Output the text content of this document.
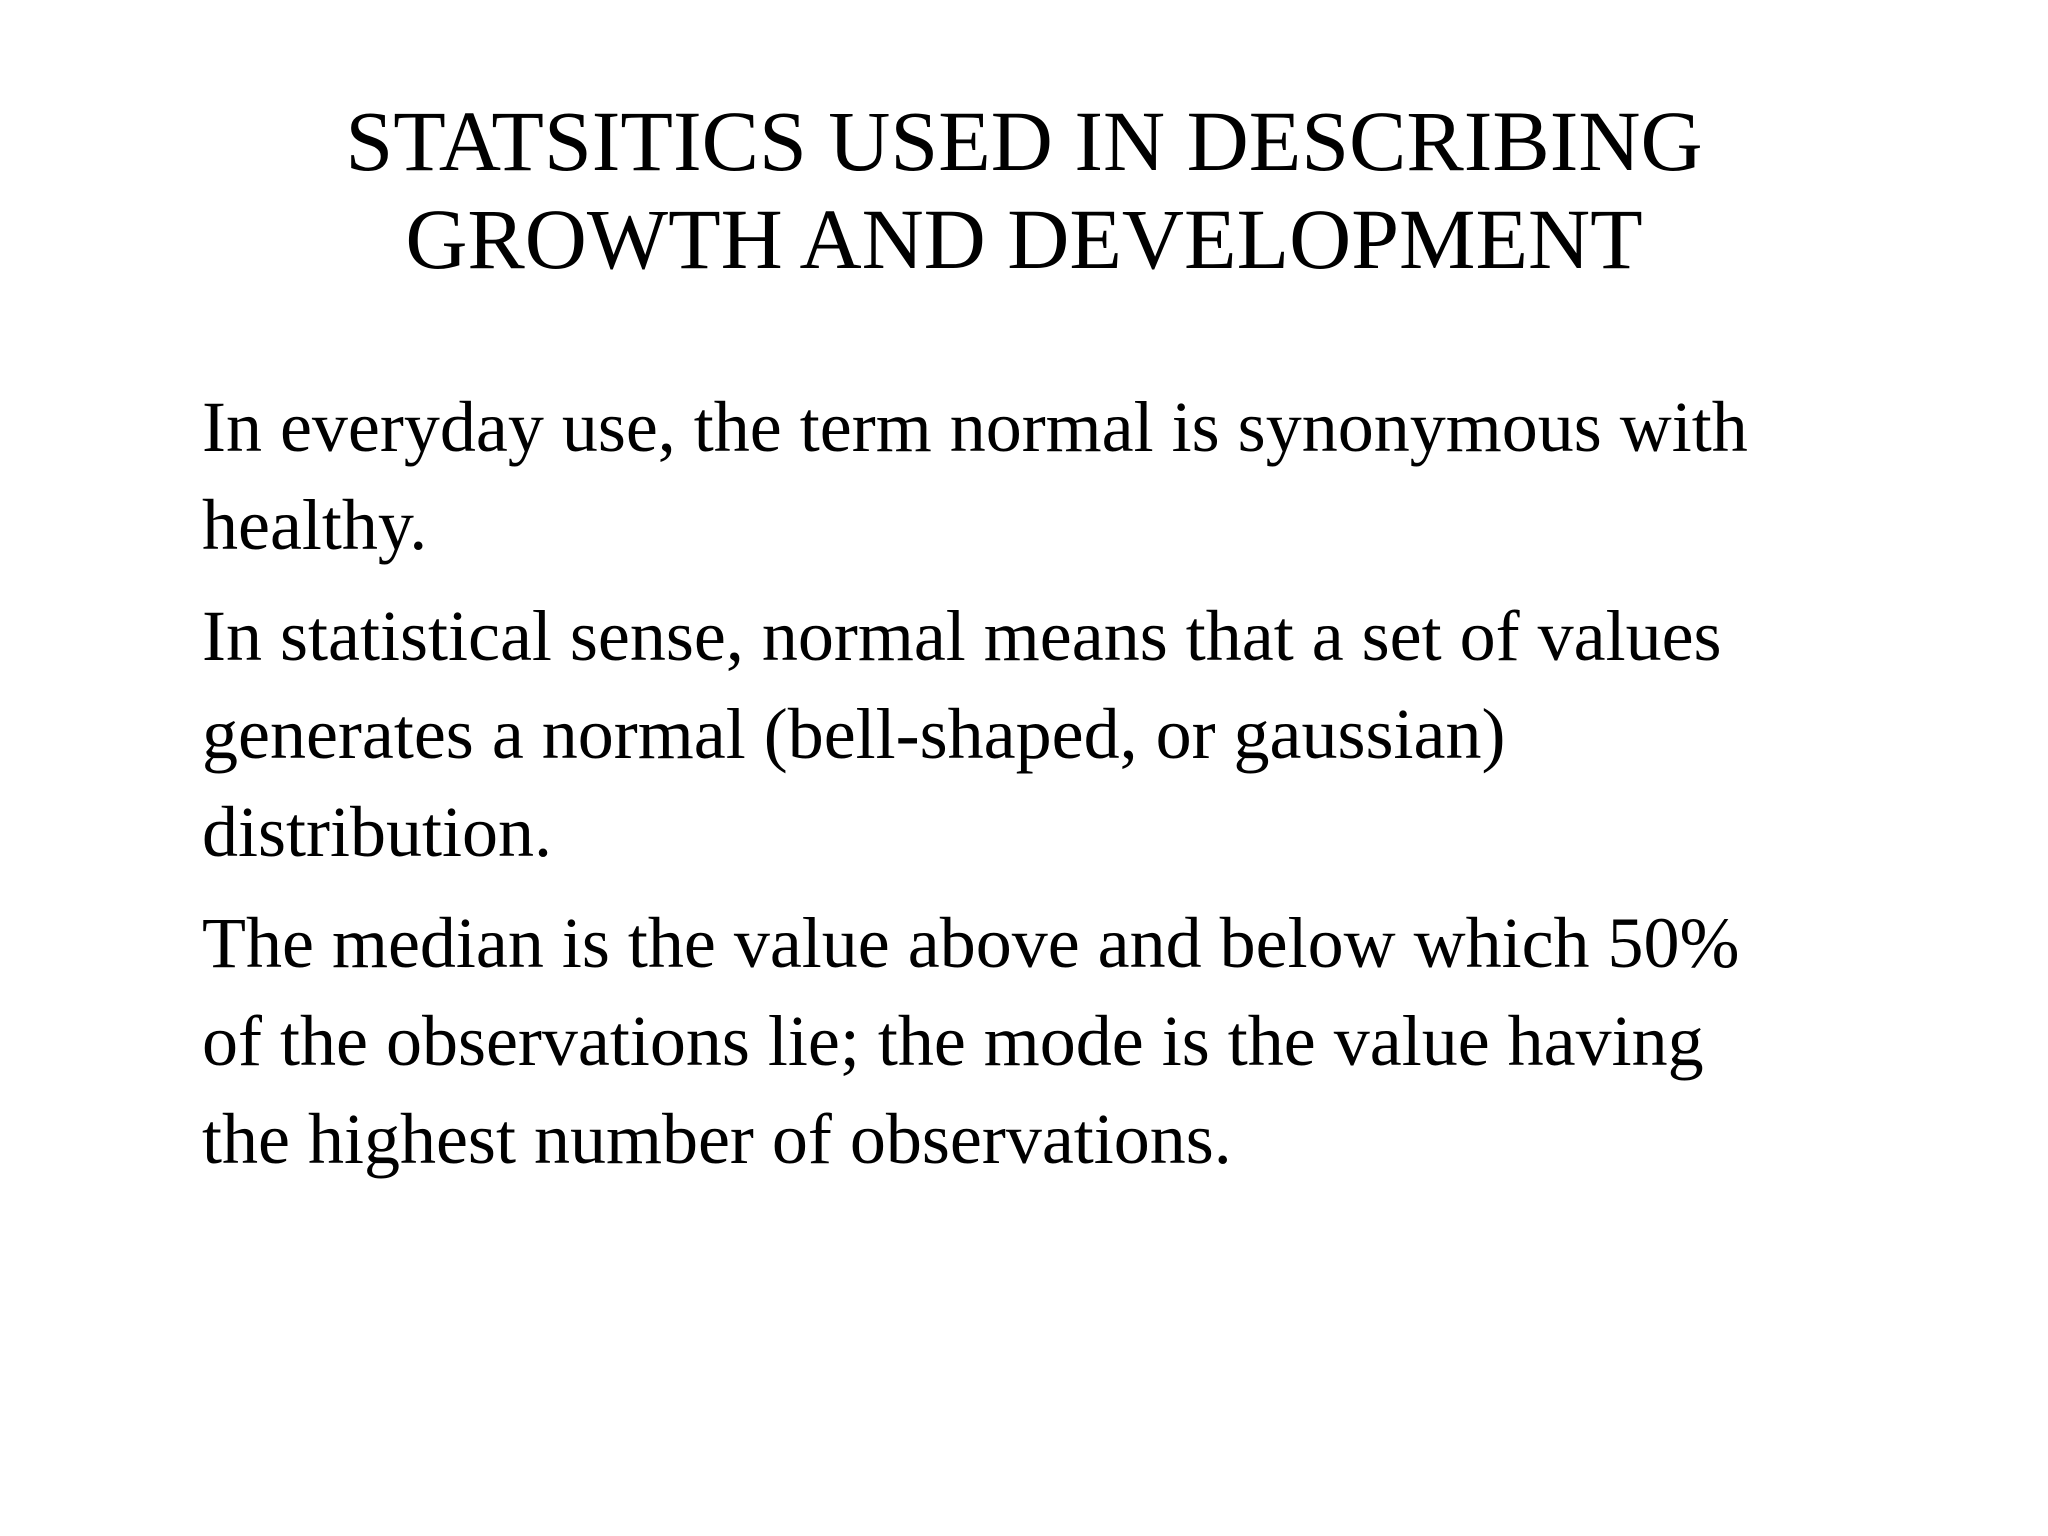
STATSITICS USED IN DESCRIBING
GROWTH AND DEVELOPMENT
In everyday use, the term normal is synonymous with
healthy.
In statistical sense, normal means that a set of values
generates a normal (bell-shaped, or gaussian)
distribution.
The median is the value above and below which 50%
of the observations lie; the mode is the value having
the highest number of observations.
